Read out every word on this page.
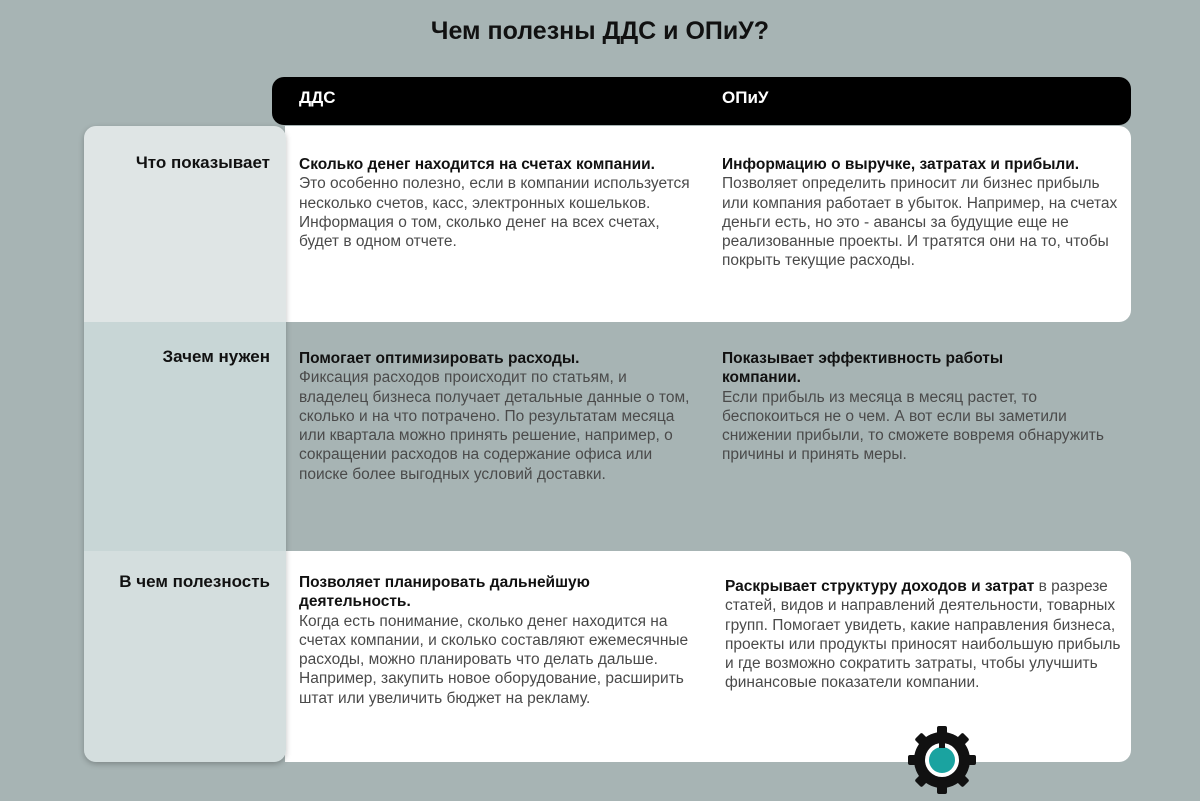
Чем полезны ДДС и ОПиУ?
ДДС	ОПиУ
Что показывает
Зачем нужен
В чем полезность
Сколько денег находится на счетах компании.
Это особенно полезно, если в компании используется несколько счетов, касс, электронных кошельков. Информация о том, сколько денег на всех счетах, будет в одном отчете.
Информацию о выручке, затратах и прибыли.
Позволяет определить приносит ли бизнес прибыль или компания работает в убыток. Например, на счетах деньги есть, но это - авансы за будущие еще не реализованные проекты. И тратятся они на то, чтобы покрыть текущие расходы.
Помогает оптимизировать расходы.
Фиксация расходов происходит по статьям, и владелец бизнеса получает детальные данные о том, сколько и на что потрачено. По результатам месяца или квартала можно принять решение, например, о сокращении расходов на содержание офиса или поиске более выгодных условий доставки.
Показывает эффективность работы компании.
Если прибыль из месяца в месяц растет, то беспокоиться не о чем. А вот если вы заметили снижении прибыли, то сможете вовремя обнаружить причины и принять меры.
Позволяет планировать дальнейшую деятельность.
Когда есть понимание, сколько денег находится на счетах компании, и сколько составляют ежемесячные расходы, можно планировать что делать дальше. Например, закупить новое оборудование, расширить штат или увеличить бюджет на рекламу.
Раскрывает структуру доходов и затрат в разрезе статей, видов и направлений деятельности, товарных групп. Помогает увидеть, какие направления бизнеса, проекты или продукты приносят наибольшую прибыль и где возможно сократить затраты, чтобы улучшить финансовые показатели компании.
